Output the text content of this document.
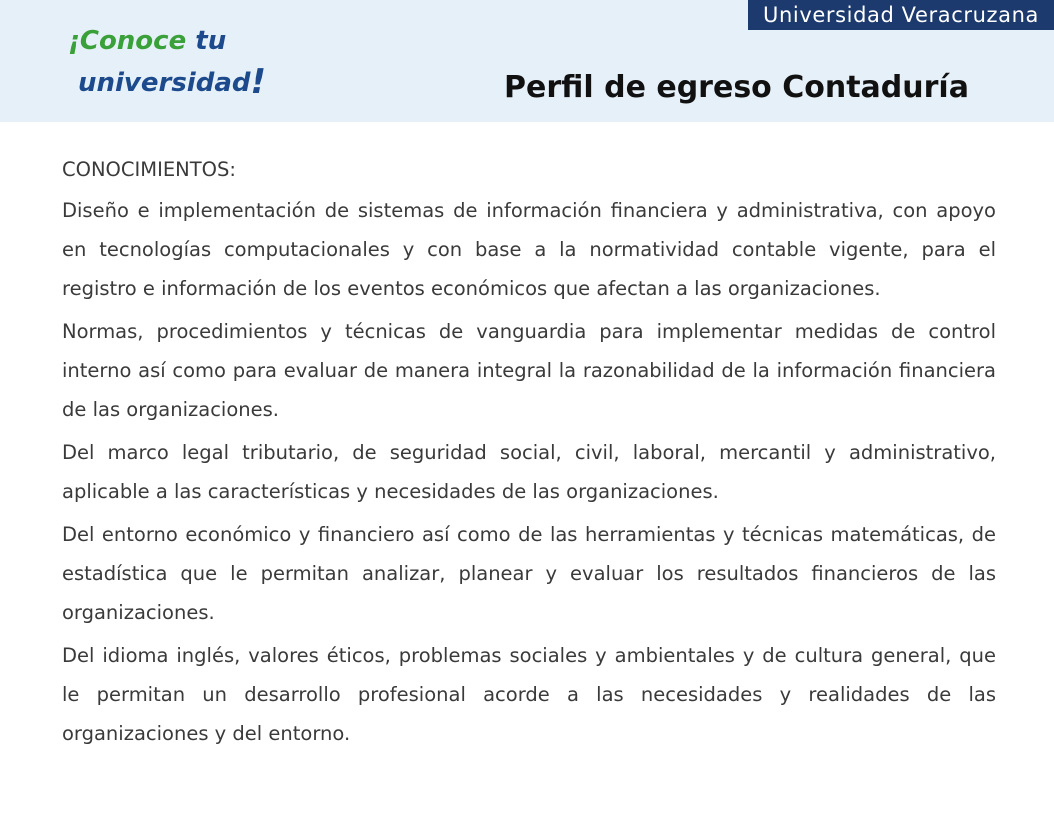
Universidad Veracruzana
¡Conoce tu
universidad!	Perfil de egreso Contaduría
CONOCIMIENTOS:

Diseño e implementación de sistemas de información financiera y administrativa, con apoyo en tecnologías computacionales y con base a la normatividad contable vigente, para el registro e información de los eventos económicos que afectan a las organizaciones.

Normas, procedimientos y técnicas de vanguardia para implementar medidas de control interno así como para evaluar de manera integral la razonabilidad de la información financiera de las organizaciones.

Del marco legal tributario, de seguridad social, civil, laboral, mercantil y administrativo, aplicable a las características y necesidades de las organizaciones.

Del entorno económico y financiero así como de las herramientas y técnicas matemáticas, de estadística que le permitan analizar, planear y evaluar los resultados financieros de las organizaciones.

Del idioma inglés, valores éticos, problemas sociales y ambientales y de cultura general, que le permitan un desarrollo profesional acorde a las necesidades y realidades de las organizaciones y del entorno.
